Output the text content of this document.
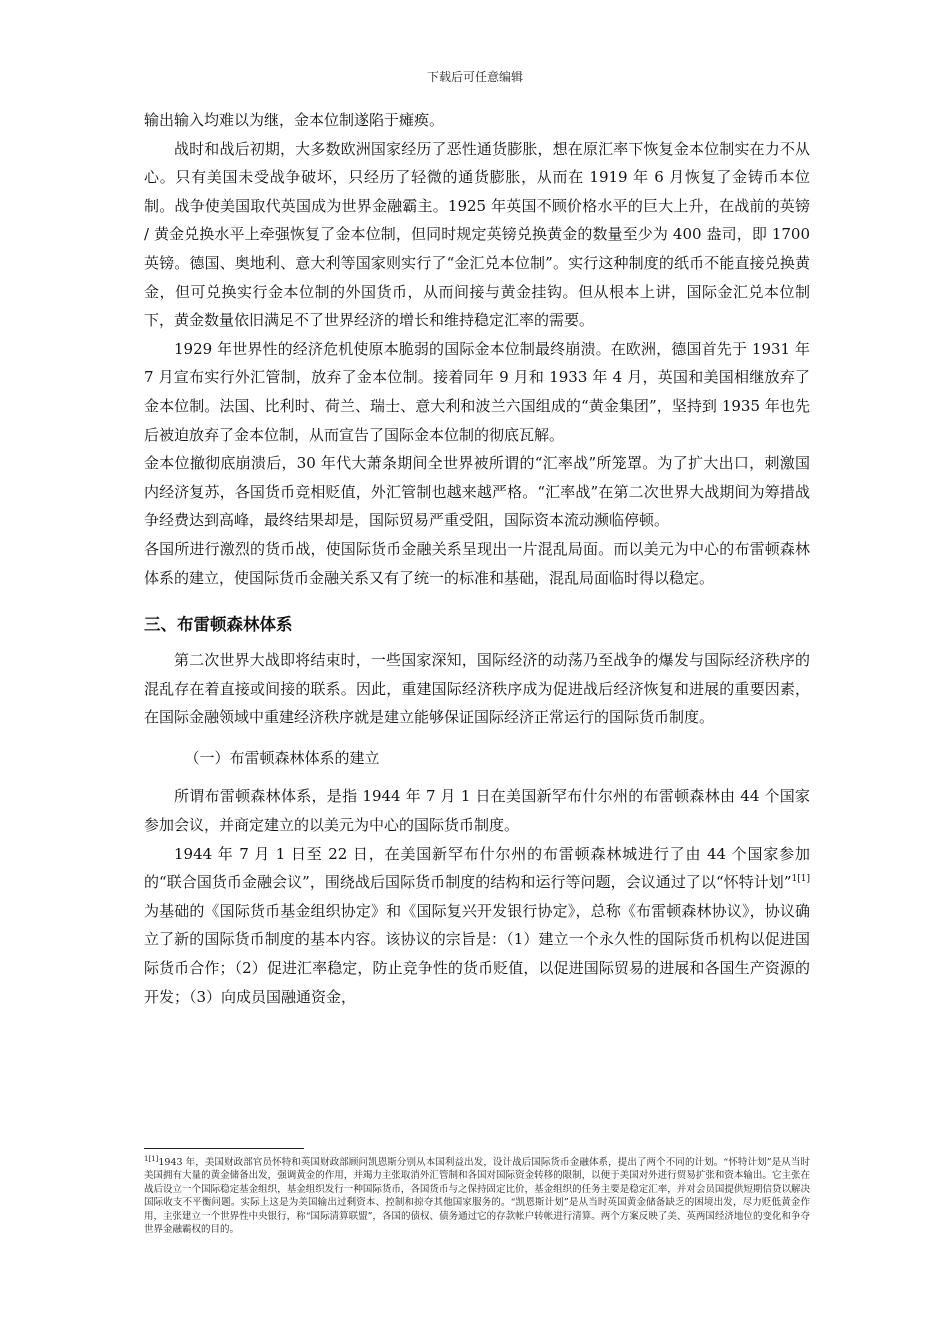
下载后可任意编辑

输出输入均难以为继，金本位制遂陷于瘫痪。

战时和战后初期，大多数欧洲国家经历了恶性通货膨胀，想在原汇率下恢复金本位制实在力不从心。只有美国未受战争破坏，只经历了轻微的通货膨胀，从而在 1919 年 6 月恢复了金铸币本位制。战争使美国取代英国成为世界金融霸主。1925 年英国不顾价格水平的巨大上升，在战前的英镑 / 黄金兑换水平上牵强恢复了金本位制，但同时规定英镑兑换黄金的数量至少为 400 盎司，即 1700 英镑。德国、奥地利、意大利等国家则实行了“金汇兑本位制”。实行这种制度的纸币不能直接兑换黄金，但可兑换实行金本位制的外国货币，从而间接与黄金挂钩。但从根本上讲，国际金汇兑本位制下，黄金数量依旧满足不了世界经济的增长和维持稳定汇率的需要。

1929 年世界性的经济危机使原本脆弱的国际金本位制最终崩溃。在欧洲，德国首先于 1931 年 7 月宣布实行外汇管制，放弃了金本位制。接着同年 9 月和 1933 年 4 月，英国和美国相继放弃了金本位制。法国、比利时、荷兰、瑞士、意大利和波兰六国组成的“黄金集团”，坚持到 1935 年也先后被迫放弃了金本位制，从而宣告了国际金本位制的彻底瓦解。

金本位撤彻底崩溃后，30 年代大萧条期间全世界被所谓的“汇率战”所笼罩。为了扩大出口，刺激国内经济复苏，各国货币竞相贬值，外汇管制也越来越严格。“汇率战”在第二次世界大战期间为筹措战争经费达到高峰，最终结果却是，国际贸易严重受阻，国际资本流动濒临停顿。

各国所进行激烈的货币战，使国际货币金融关系呈现出一片混乱局面。而以美元为中心的布雷顿森林体系的建立，使国际货币金融关系又有了统一的标准和基础，混乱局面临时得以稳定。

三、布雷顿森林体系

第二次世界大战即将结束时，一些国家深知，国际经济的动荡乃至战争的爆发与国际经济秩序的混乱存在着直接或间接的联系。因此，重建国际经济秩序成为促进战后经济恢复和进展的重要因素，在国际金融领域中重建经济秩序就是建立能够保证国际经济正常运行的国际货币制度。

（一）布雷顿森林体系的建立

所谓布雷顿森林体系，是指 1944 年 7 月 1 日在美国新罕布什尔州的布雷顿森林由 44 个国家参加会议，并商定建立的以美元为中心的国际货币制度。

1944 年 7 月 1 日至 22 日，在美国新罕布什尔州的布雷顿森林城进行了由 44 个国家参加的“联合国货币金融会议”，围绕战后国际货币制度的结构和运行等问题，会议通过了以“怀特计划”$^{1[1]}$为基础的《国际货币基金组织协定》和《国际复兴开发银行协定》，总称《布雷顿森林协议》，协议确立了新的国际货币制度的基本内容。该协议的宗旨是：（1）建立一个永久性的国际货币机构以促进国际货币合作；（2）促进汇率稳定，防止竞争性的货币贬值，以促进国际贸易的进展和各国生产资源的开发；（3）向成员国融通资金，

$^{1[1]}$1943 年，美国财政部官员怀特和英国财政部顾问凯恩斯分别从本国利益出发，设计战后国际货币金融体系，提出了两个不同的计划。“怀特计划”是从当时美国拥有大量的黄金储备出发，强调黄金的作用，并竭力主张取消外汇管制和各国对国际资金转移的限制，以便于美国对外进行贸易扩张和资本输出。它主张在战后设立一个国际稳定基金组织，基金组织发行一种国际货币，各国货币与之保持固定比价，基金组织的任务主要是稳定汇率，并对会员国提供短期信贷以解决国际收支不平衡问题。实际上这是为美国输出过剩资本、控制和掠夺其他国家服务的。“凯恩斯计划”是从当时英国黄金储备缺乏的困境出发，尽力贬低黄金作用，主张建立一个世界性中央银行，称“国际清算联盟”，各国的债权、债务通过它的存款帐户转帐进行清算。两个方案反映了美、英两国经济地位的变化和争夺世界金融霸权的目的。
